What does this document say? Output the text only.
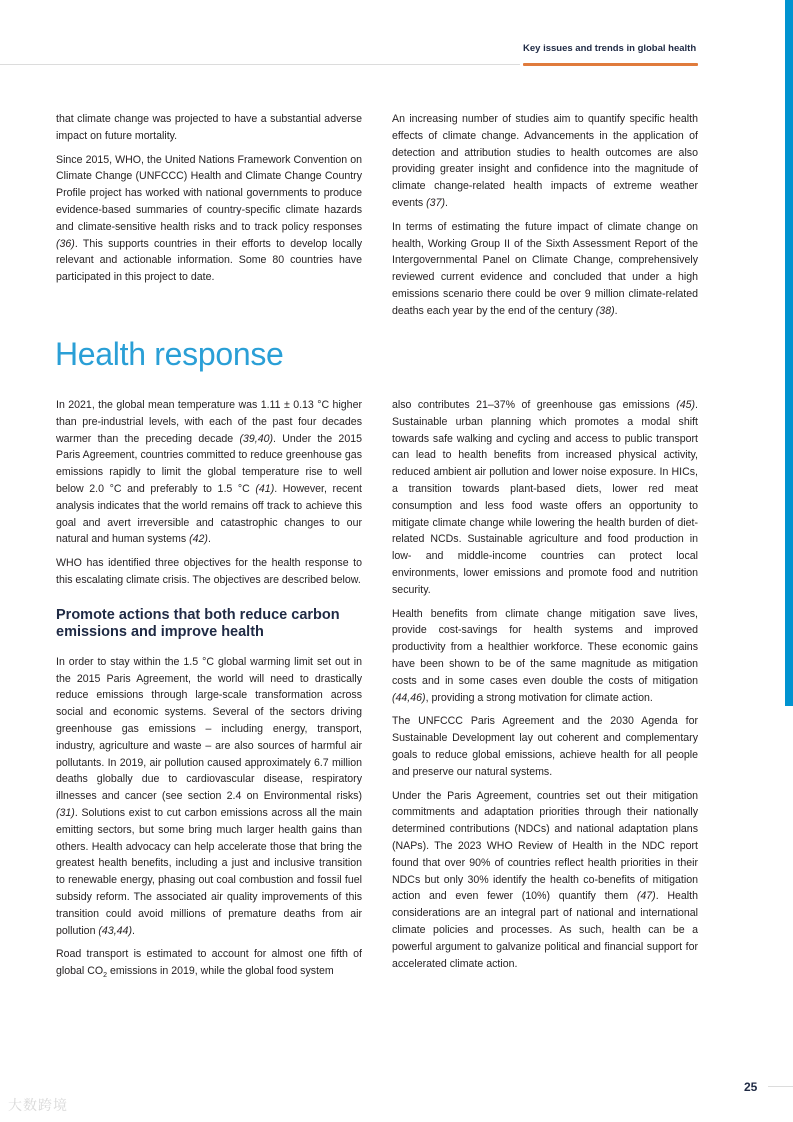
Key issues and trends in global health

that climate change was projected to have a substantial adverse impact on future mortality.

Since 2015, WHO, the United Nations Framework Convention on Climate Change (UNFCCC) Health and Climate Change Country Profile project has worked with national governments to produce evidence-based summaries of country-specific climate hazards and climate-sensitive health risks and to track policy responses (36). This supports countries in their efforts to develop locally relevant and actionable information. Some 80 countries have participated in this project to date.

An increasing number of studies aim to quantify specific health effects of climate change. Advancements in the application of detection and attribution studies to health outcomes are also providing greater insight and confidence into the magnitude of climate change-related health impacts of extreme weather events (37).

In terms of estimating the future impact of climate change on health, Working Group II of the Sixth Assessment Report of the Intergovernmental Panel on Climate Change, comprehensively reviewed current evidence and concluded that under a high emissions scenario there could be over 9 million climate-related deaths each year by the end of the century (38).

Health response

In 2021, the global mean temperature was 1.11 ± 0.13 °C higher than pre-industrial levels, with each of the past four decades warmer than the preceding decade (39,40). Under the 2015 Paris Agreement, countries committed to reduce greenhouse gas emissions rapidly to limit the global temperature rise to well below 2.0 °C and preferably to 1.5 °C (41). However, recent analysis indicates that the world remains off track to achieve this goal and avert irreversible and catastrophic changes to our natural and human systems (42).

WHO has identified three objectives for the health response to this escalating climate crisis. The objectives are described below.

Promote actions that both reduce carbon emissions and improve health

In order to stay within the 1.5 °C global warming limit set out in the 2015 Paris Agreement, the world will need to drastically reduce emissions through large-scale transformation across social and economic systems. Several of the sectors driving greenhouse gas emissions – including energy, transport, industry, agriculture and waste – are also sources of harmful air pollutants. In 2019, air pollution caused approximately 6.7 million deaths globally due to cardiovascular disease, respiratory illnesses and cancer (see section 2.4 on Environmental risks) (31). Solutions exist to cut carbon emissions across all the main emitting sectors, but some bring much larger health gains than others. Health advocacy can help accelerate those that bring the greatest health benefits, including a just and inclusive transition to renewable energy, phasing out coal combustion and fossil fuel subsidy reform. The associated air quality improvements of this transition could avoid millions of premature deaths from air pollution (43,44).

Road transport is estimated to account for almost one fifth of global $CO_2$ emissions in 2019, while the global food system

also contributes 21–37% of greenhouse gas emissions (45). Sustainable urban planning which promotes a modal shift towards safe walking and cycling and access to public transport can lead to health benefits from increased physical activity, reduced ambient air pollution and lower noise exposure. In HICs, a transition towards plant-based diets, lower red meat consumption and less food waste offers an opportunity to mitigate climate change while lowering the health burden of diet-related NCDs. Sustainable agriculture and food production in low- and middle-income countries can protect local environments, lower emissions and promote food and nutrition security.

Health benefits from climate change mitigation save lives, provide cost-savings for health systems and improved productivity from a healthier workforce. These economic gains have been shown to be of the same magnitude as mitigation costs and in some cases even double the costs of mitigation (44,46), providing a strong motivation for climate action.

The UNFCCC Paris Agreement and the 2030 Agenda for Sustainable Development lay out coherent and complementary goals to reduce global emissions, achieve health for all people and preserve our natural systems.

Under the Paris Agreement, countries set out their mitigation commitments and adaptation priorities through their nationally determined contributions (NDCs) and national adaptation plans (NAPs). The 2023 WHO Review of Health in the NDC report found that over 90% of countries reflect health priorities in their NDCs but only 30% identify the health co-benefits of mitigation action and even fewer (10%) quantify them (47). Health considerations are an integral part of national and international climate policies and processes. As such, health can be a powerful argument to galvanize political and financial support for accelerated climate action.

25
大数跨境
